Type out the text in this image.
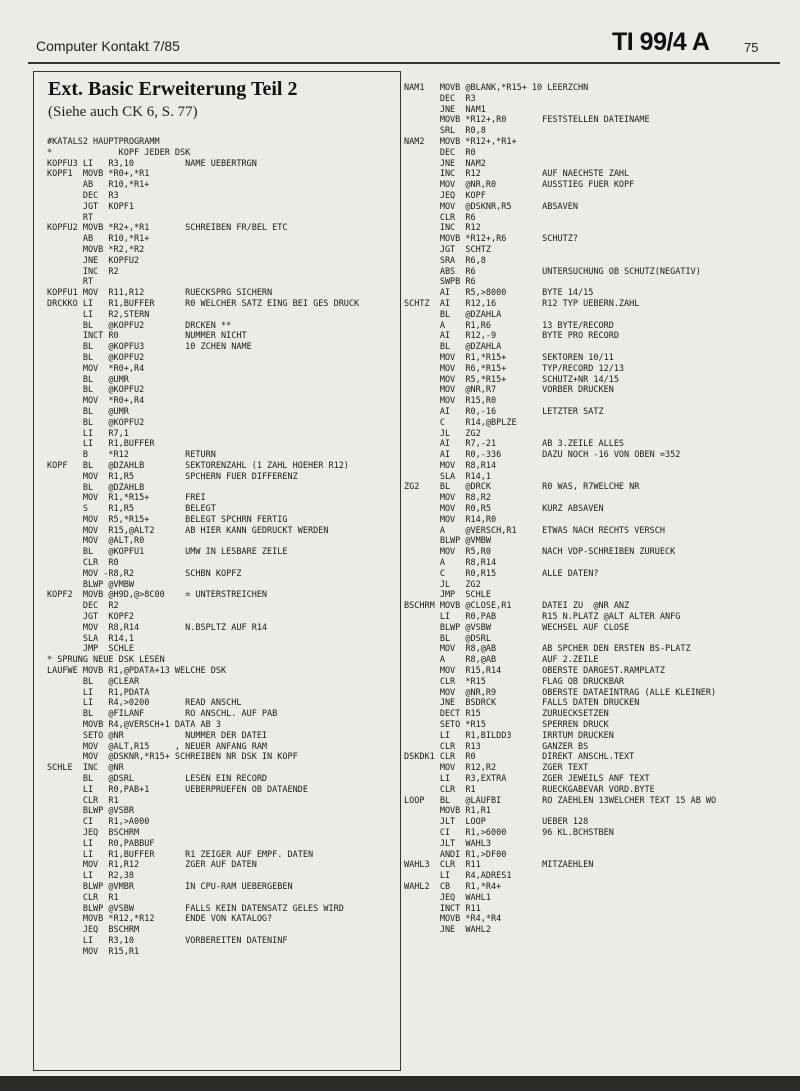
Computer Kontakt 7/85	TI 99/4 A	75
Ext. Basic Erweiterung Teil 2
(Siehe auch CK 6, S. 77)
#KATALS2 HAUPTPROGRAMM
*             KOPF JEDER DSK
KOPFU3 LI   R3,10          NAME UEBERTRGN
KOPF1  MOVB *R0+,*R1
AB   R10,*R1+
DEC  R3
JGT  KOPF1
RT
KOPFU2 MOVB *R2+,*R1       SCHREIBEN FR/BEL ETC
AB   R10,*R1+
MOVB *R2,*R2
JNE  KOPFU2
INC  R2
RT
KOPFU1 MOV  R11,R12        RUECKSPRG SICHERN
DRCKKO LI   R1,BUFFER      R0 WELCHER SATZ EING BEI GES DRUCK
LI   R2,STERN
BL   @KOPFU2        DRCKEN **
INCT R0             NUMMER NICHT
BL   @KOPFU3        10 ZCHEN NAME
BL   @KOPFU2
MOV  *R0+,R4
BL   @UMR
BL   @KOPFU2
MOV  *R0+,R4
BL   @UMR
BL   @KOPFU2
LI   R7,1
LI   R1,BUFFER
B    *R12           RETURN
KOPF   BL   @DZAHLB        SEKTORENZAHL (1 ZAHL HOEHER R12)
MOV  R1,R5          SPCHERN FUER DIFFERENZ
BL   @DZAHLB
MOV  R1,*R15+       FREI
S    R1,R5          BELEGT
MOV  R5,*R15+       BELEGT SPCHRN FERTIG
MOV  R15,@ALT2      AB HIER KANN GEDRUCKT WERDEN
MOV  @ALT,R0
BL   @KOPFU1        UMW IN LESBARE ZEILE
CLR  R0
MOV -R8,R2          SCHBN KOPFZ
BLWP @VMBW
KOPF2  MOVB @H9D,@>8C00    = UNTERSTREICHEN
DEC  R2
JGT  KOPF2
MOV  R8,R14         N.BSPLTZ AUF R14
SLA  R14,1
JMP  SCHLE
* SPRUNG NEUE DSK LESEN
LAUFWE MOVB R1,@PDATA+13 WELCHE DSK
BL   @CLEAR
LI   R1,PDATA
LI   R4,>0200       READ ANSCHL
BL   @FILANF        RO ANSCHL. AUF PAB
MOVB R4,@VERSCH+1 DATA AB 3
SETO @NR            NUMMER DER DATEI
MOV  @ALT,R15     , NEUER ANFANG RAM
MOV  @DSKNR,*R15+ SCHREIBEN NR DSK IN KOPF
SCHLE  INC  @NR
BL   @DSRL          LESEN EIN RECORD
LI   R0,PAB+1       UEBERPRUEFEN OB DATAENDE
CLR  R1
BLWP @VSBR
CI   R1,>A000
JEQ  BSCHRM
LI   R0,PABBUF
LI   R1,BUFFER      R1 ZEIGER AUF EMPF. DATEN
MOV  R1,R12         ZGER AUF DATEN
LI   R2,38
BLWP @VMBR          IN CPU-RAM UEBERGEBEN
CLR  R1
BLWP @VSBW          FALLS KEIN DATENSATZ GELES WIRD
MOVB *R12,*R12      ENDE VON KATALOG?
JEQ  BSCHRM
LI   R3,10          VORBEREITEN DATENINF
MOV  R15,R1
NAM1   MOVB @BLANK,*R15+ 10 LEERZCHN
DEC  R3
JNE  NAM1
MOVB *R12+,R0       FESTSTELLEN DATEINAME
SRL  R0,8
NAM2   MOVB *R12+,*R1+
DEC  R0
JNE  NAM2
INC  R12            AUF NAECHSTE ZAHL
MOV  @NR,R0         AUSSTIEG FUER KOPF
JEQ  KOPF
MOV  @DSKNR,R5      ABSAVEN
CLR  R6
INC  R12
MOVB *R12+,R6       SCHUTZ?
JGT  SCHTZ
SRA  R6,8
ABS  R6             UNTERSUCHUNG OB SCHUTZ(NEGATIV)
SWPB R6
AI   R5,>8000       BYTE 14/15
SCHTZ  AI   R12,16         R12 TYP UEBERN.ZAHL
BL   @DZAHLA
A    R1,R6          13 BYTE/RECORD
AI   R12,-9         BYTE PRO RECORD
BL   @DZAHLA
MOV  R1,*R15+       SEKTOREN 10/11
MOV  R6,*R15+       TYP/RECORD 12/13
MOV  R5,*R15+       SCHUTZ+NR 14/15
MOV  @NR,R7         VORBER DRUCKEN
MOV  R15,R0
AI   R0,-16         LETZTER SATZ
C    R14,@BPLZE
JL   ZG2
AI   R7,-21         AB 3.ZEILE ALLES
AI   R0,-336        DAZU NOCH -16 VON OBEN =352
MOV  R8,R14
SLA  R14,1
ZG2    BL   @DRCK          R0 WAS, R7WELCHE NR
MOV  R8,R2
MOV  R0,R5          KURZ ABSAVEN
MOV  R14,R0
A    @VERSCH,R1     ETWAS NACH RECHTS VERSCH
BLWP @VMBW
MOV  R5,R0          NACH VDP-SCHREIBEN ZURUECK
A    R8,R14
C    R0,R15         ALLE DATEN?
JL   ZG2
JMP  SCHLE
BSCHRM MOVB @CLOSE,R1      DATEI ZU  @NR ANZ
LI   R0,PAB         R15 N.PLATZ @ALT ALTER ANFG
BLWP @VSBW          WECHSEL AUF CLOSE
BL   @DSRL
MOV  R8,@AB         AB SPCHER DEN ERSTEN BS-PLATZ
A    R8,@AB         AUF 2.ZEILE
MOV  R15,R14        OBERSTE DARGEST.RAMPLATZ
CLR  *R15           FLAG OB DRUCKBAR
MOV  @NR,R9         OBERSTE DATAEINTRAG (ALLE KLEINER)
JNE  BSDRCK         FALLS DATEN DRUCKEN
DECT R15            ZURUECKSETZEN
SETO *R15           SPERREN DRUCK
LI   R1,BILDD3      IRRTUM DRUCKEN
CLR  R13            GANZER BS
DSKDK1 CLR  R0             DIREKT ANSCHL.TEXT
MOV  R12,R2         ZGER TEXT
LI   R3,EXTRA       ZGER JEWEILS ANF TEXT
CLR  R1             RUECKGABEVAR VORD.BYTE
LOOP   BL   @LAUFBI        RO ZAEHLEN 13WELCHER TEXT 15 AB WO
MOVB R1,R1
JLT  LOOP           UEBER 128
CI   R1,>6000       96 KL.BCHSTBEN
JLT  WAHL3
ANDI R1,>DF00
WAHL3  CLR  R11            MITZAEHLEN
LI   R4,ADRES1
WAHL2  CB   R1,*R4+
JEQ  WAHL1
INCT R11
MOVB *R4,*R4
JNE  WAHL2
